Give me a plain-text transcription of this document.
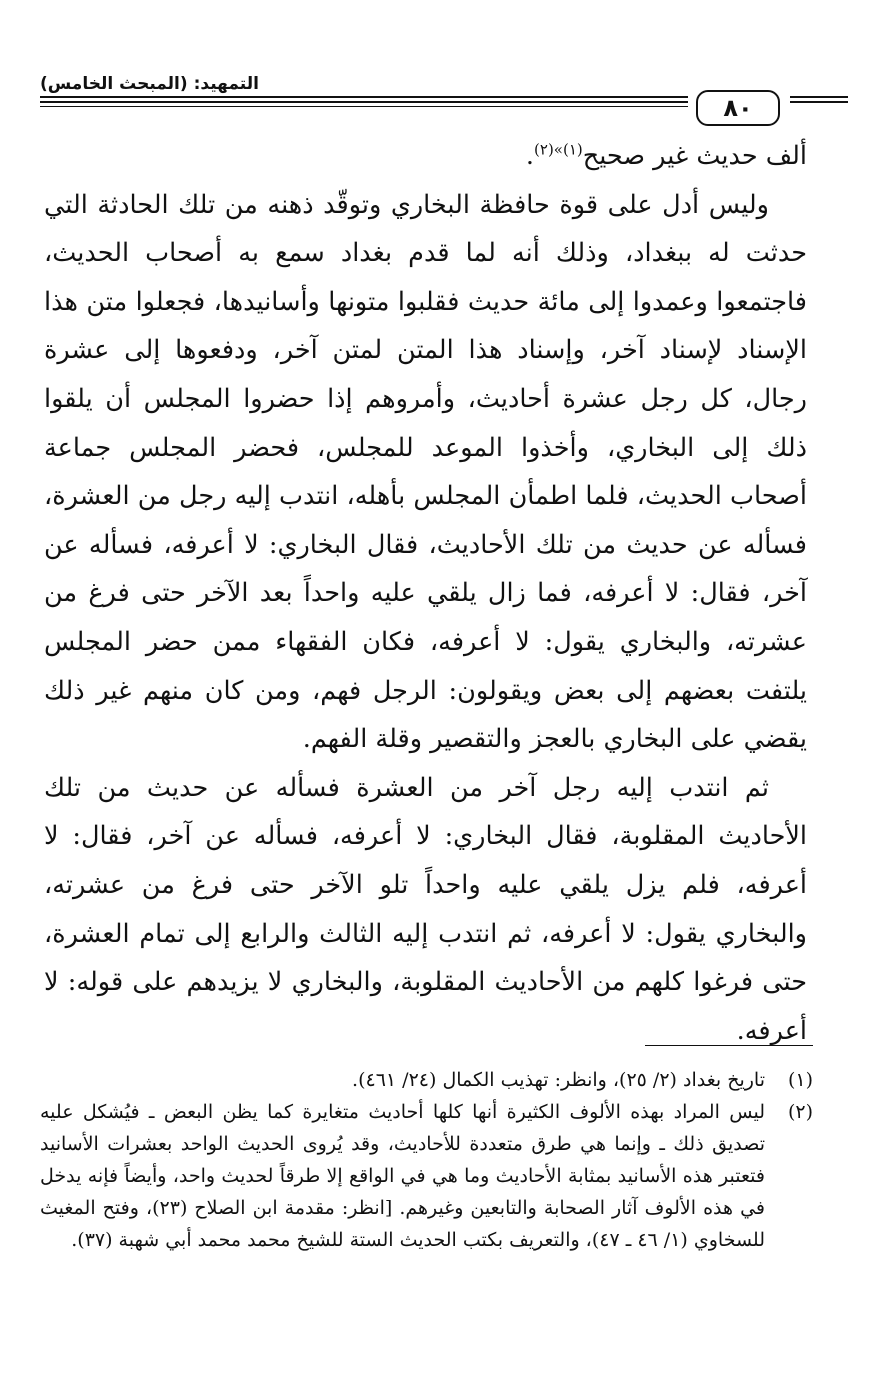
التمهيد: (المبحث الخامس)
٨٠

ألف حديث غير صحيح$^{(١)»(٢)}$.

وليس أدل على قوة حافظة البخاري وتوقّد ذهنه من تلك الحادثة التي حدثت له ببغداد، وذلك أنه لما قدم بغداد سمع به أصحاب الحديث، فاجتمعوا وعمدوا إلى مائة حديث فقلبوا متونها وأسانيدها، فجعلوا متن هذا الإسناد لإسناد آخر، وإسناد هذا المتن لمتن آخر، ودفعوها إلى عشرة رجال، كل رجل عشرة أحاديث، وأمروهم إذا حضروا المجلس أن يلقوا ذلك إلى البخاري، وأخذوا الموعد للمجلس، فحضر المجلس جماعة أصحاب الحديث، فلما اطمأن المجلس بأهله، انتدب إليه رجل من العشرة، فسأله عن حديث من تلك الأحاديث، فقال البخاري: لا أعرفه، فسأله عن آخر، فقال: لا أعرفه، فما زال يلقي عليه واحداً بعد الآخر حتى فرغ من عشرته، والبخاري يقول: لا أعرفه، فكان الفقهاء ممن حضر المجلس يلتفت بعضهم إلى بعض ويقولون: الرجل فهم، ومن كان منهم غير ذلك يقضي على البخاري بالعجز والتقصير وقلة الفهم.

ثم انتدب إليه رجل آخر من العشرة فسأله عن حديث من تلك الأحاديث المقلوبة، فقال البخاري: لا أعرفه، فسأله عن آخر، فقال: لا أعرفه، فلم يزل يلقي عليه واحداً تلو الآخر حتى فرغ من عشرته، والبخاري يقول: لا أعرفه، ثم انتدب إليه الثالث والرابع إلى تمام العشرة، حتى فرغوا كلهم من الأحاديث المقلوبة، والبخاري لا يزيدهم على قوله: لا أعرفه.

(١)
تاريخ بغداد (٢/ ٢٥)، وانظر: تهذيب الكمال (٢٤/ ٤٦١).
(٢)
ليس المراد بهذه الألوف الكثيرة أنها كلها أحاديث متغايرة كما يظن البعض ـ فيُشكل عليه تصديق ذلك ـ وإنما هي طرق متعددة للأحاديث، وقد يُروى الحديث الواحد بعشرات الأسانيد فتعتبر هذه الأسانيد بمثابة الأحاديث وما هي في الواقع إلا طرقاً لحديث واحد، وأيضاً فإنه يدخل في هذه الألوف آثار الصحابة والتابعين وغيرهم. [انظر: مقدمة ابن الصلاح (٢٣)، وفتح المغيث للسخاوي (١/ ٤٦ ـ ٤٧)، والتعريف بكتب الحديث الستة للشيخ محمد محمد أبي شهبة (٣٧).
